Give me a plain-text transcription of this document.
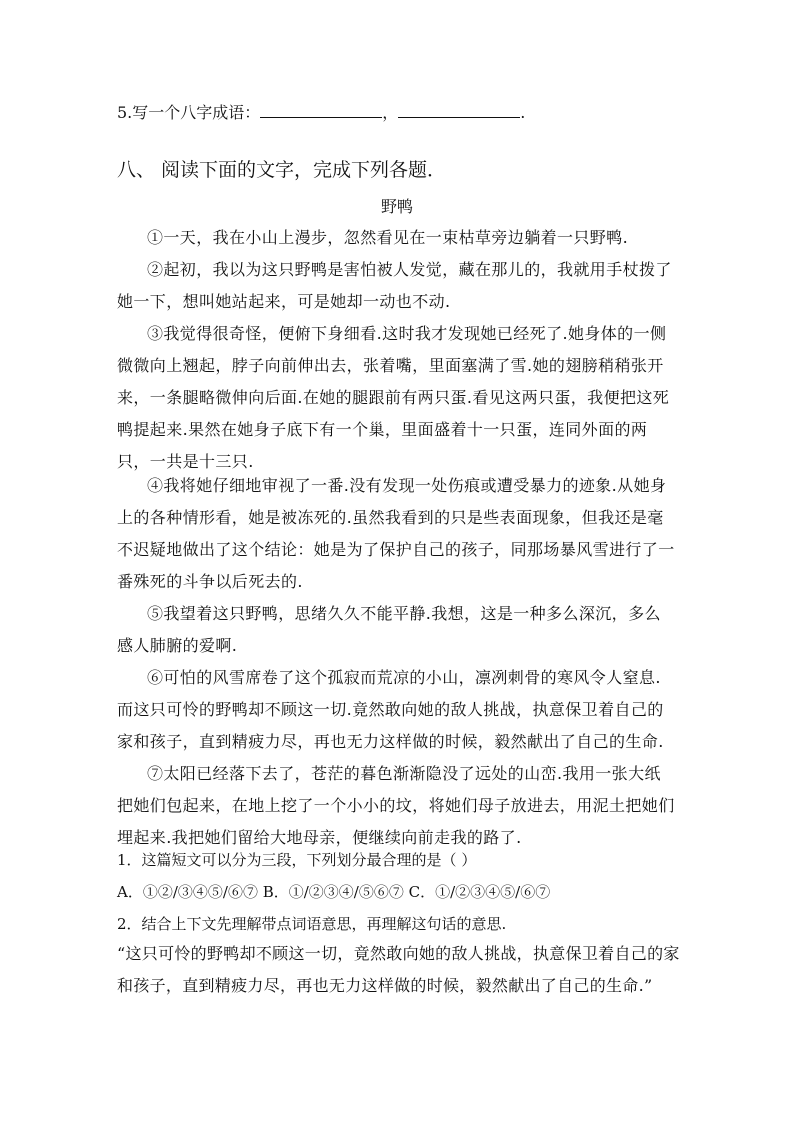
5.写一个八字成语：	，	.
八、 阅读下面的文字，完成下列各题．
野鸭
①一天，我在小山上漫步，忽然看见在一束枯草旁边躺着一只野鸭.
②起初，我以为这只野鸭是害怕被人发觉，藏在那儿的，我就用手杖拨了她一下，想叫她站起来，可是她却一动也不动.
③我觉得很奇怪，便俯下身细看.这时我才发现她已经死了.她身体的一侧微微向上翘起，脖子向前伸出去，张着嘴，里面塞满了雪.她的翅膀稍稍张开来，一条腿略微伸向后面.在她的腿跟前有两只蛋.看见这两只蛋，我便把这死鸭提起来.果然在她身子底下有一个巢，里面盛着十一只蛋，连同外面的两只，一共是十三只.
④我将她仔细地审视了一番.没有发现一处伤痕或遭受暴力的迹象.从她身上的各种情形看，她是被冻死的.虽然我看到的只是些表面现象，但我还是毫不迟疑地做出了这个结论：她是为了保护自己的孩子，同那场暴风雪进行了一番殊死的斗争以后死去的.
⑤我望着这只野鸭，思绪久久不能平静.我想，这是一种多么深沉，多么感人肺腑的爱啊.
⑥可怕的风雪席卷了这个孤寂而荒凉的小山，凛冽刺骨的寒风令人窒息.而这只可怜的野鸭却不顾这一切.竟然敢向她的敌人挑战，执意保卫着自己的家和孩子，直到精疲力尽，再也无力这样做的时候，毅然献出了自己的生命.
⑦太阳已经落下去了，苍茫的暮色渐渐隐没了远处的山峦.我用一张大纸把她们包起来，在地上挖了一个小小的坟，将她们母子放进去，用泥土把她们埋起来.我把她们留给大地母亲，便继续向前走我的路了.
1．这篇短文可以分为三段，下列划分最合理的是（ ）
A．①②/③④⑤/⑥⑦ B．①/②③④/⑤⑥⑦ C．①/②③④⑤/⑥⑦
2．结合上下文先理解带点词语意思，再理解这句话的意思.
“这只可怜的野鸭却不顾这一切，竟然敢向她的敌人挑战，执意保卫着自己的家和孩子，直到精疲力尽，再也无力这样做的时候，毅然献出了自己的生命.”
